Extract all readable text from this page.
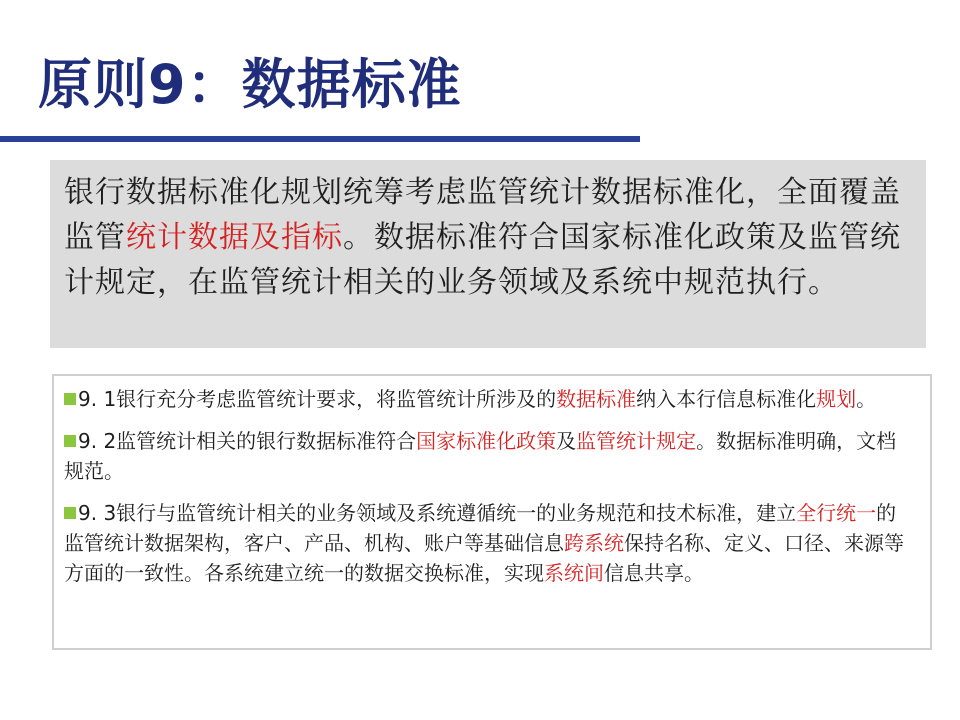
原则9：数据标准
银行数据标准化规划统筹考虑监管统计数据标准化，全面覆盖监管统计数据及指标。数据标准符合国家标准化政策及监管统计规定，在监管统计相关的业务领域及系统中规范执行。
9. 1银行充分考虑监管统计要求，将监管统计所涉及的数据标准纳入本行信息标准化规划。
9. 2监管统计相关的银行数据标准符合国家标准化政策及监管统计规定。数据标准明确，文档规范。
9. 3银行与监管统计相关的业务领域及系统遵循统一的业务规范和技术标准，建立全行统一的监管统计数据架构，客户、产品、机构、账户等基础信息跨系统保持名称、定义、口径、来源等方面的一致性。各系统建立统一的数据交换标准，实现系统间信息共享。
